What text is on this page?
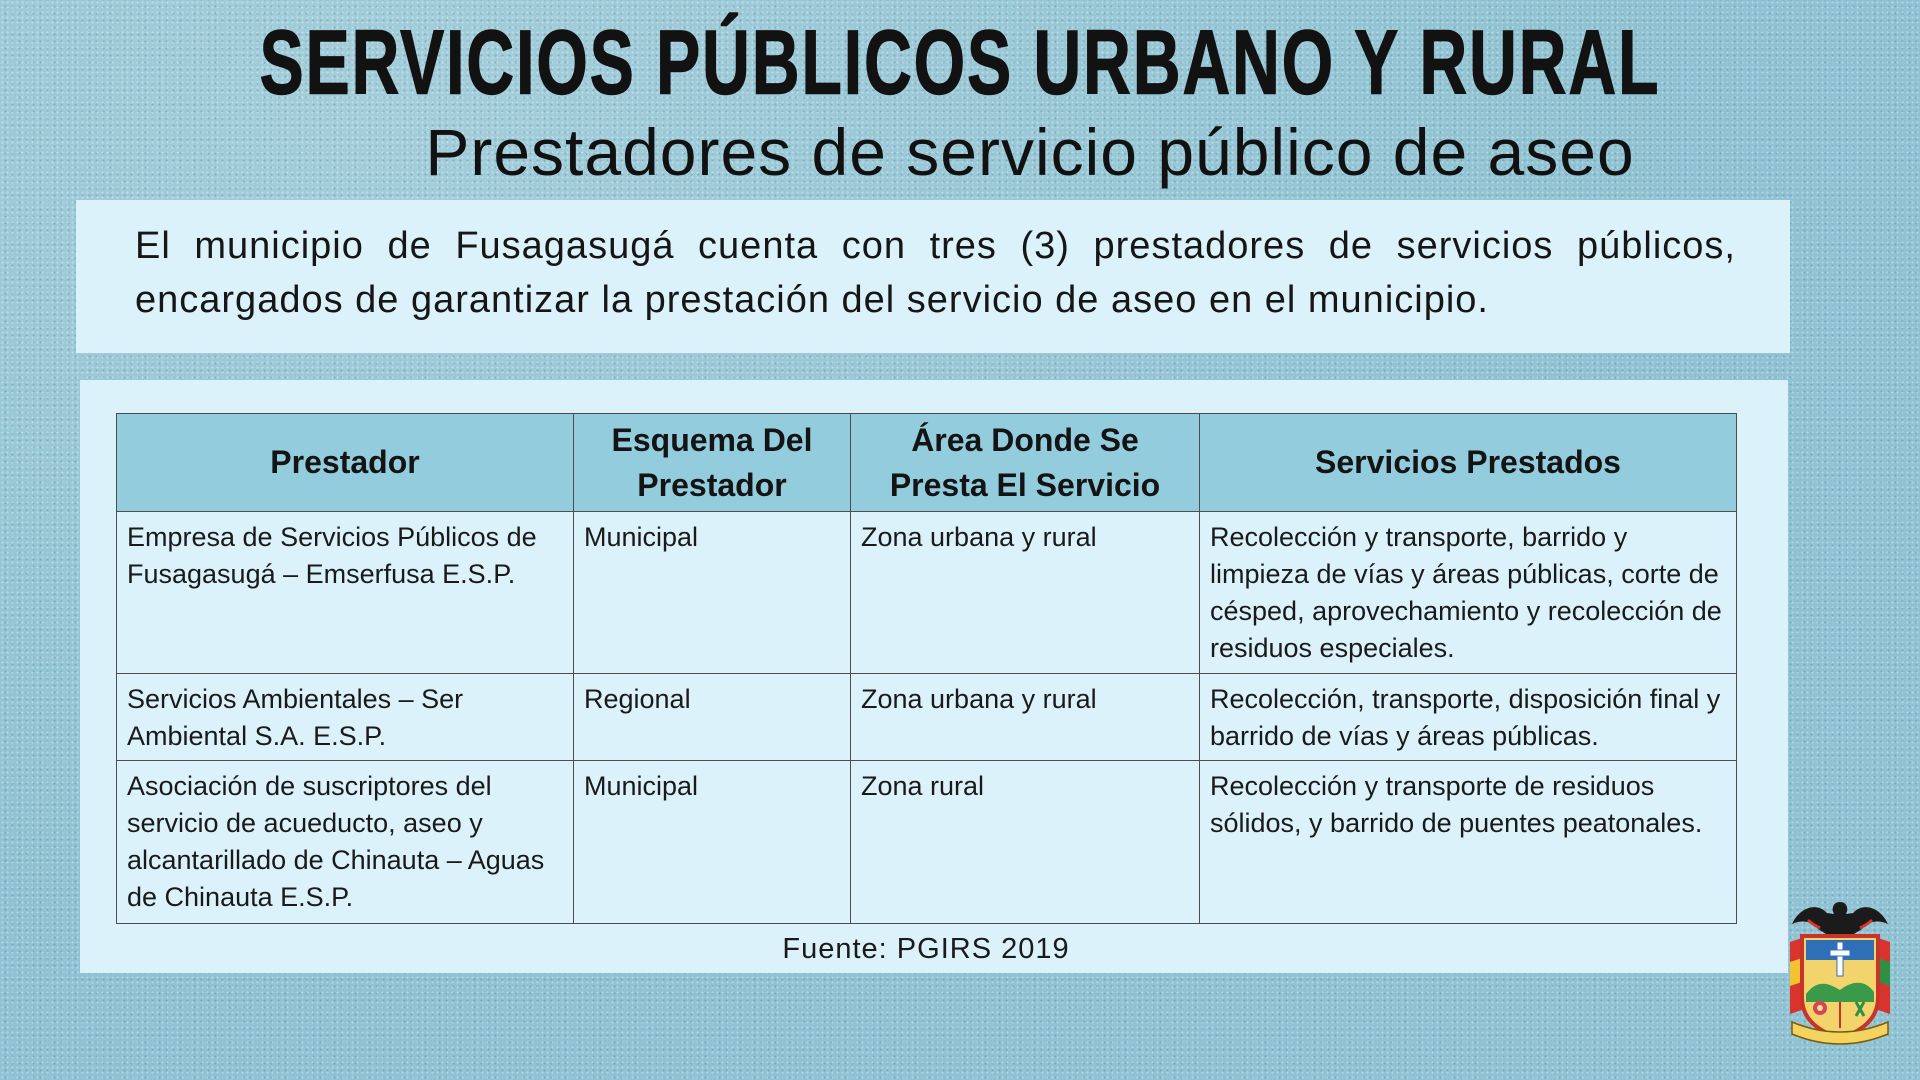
SERVICIOS PÚBLICOS URBANO Y RURAL
Prestadores de servicio público de aseo
El municipio de Fusagasugá cuenta con tres (3) prestadores de servicios públicos, encargados de garantizar la prestación del servicio de aseo en el municipio.
Prestador	Esquema Del Prestador	Área Donde Se Presta El Servicio	Servicios Prestados
Empresa de Servicios Públicos de Fusagasugá – Emserfusa E.S.P.	Municipal	Zona urbana y rural	Recolección y transporte, barrido y limpieza de vías y áreas públicas, corte de césped, aprovechamiento y recolección de residuos especiales.
Servicios Ambientales – Ser Ambiental S.A. E.S.P.	Regional	Zona urbana y rural	Recolección, transporte, disposición final y barrido de vías y áreas públicas.
Asociación de suscriptores del servicio de acueducto, aseo y alcantarillado de Chinauta – Aguas de Chinauta E.S.P.	Municipal	Zona rural	Recolección y transporte de residuos sólidos, y barrido de puentes peatonales.
Fuente: PGIRS 2019
